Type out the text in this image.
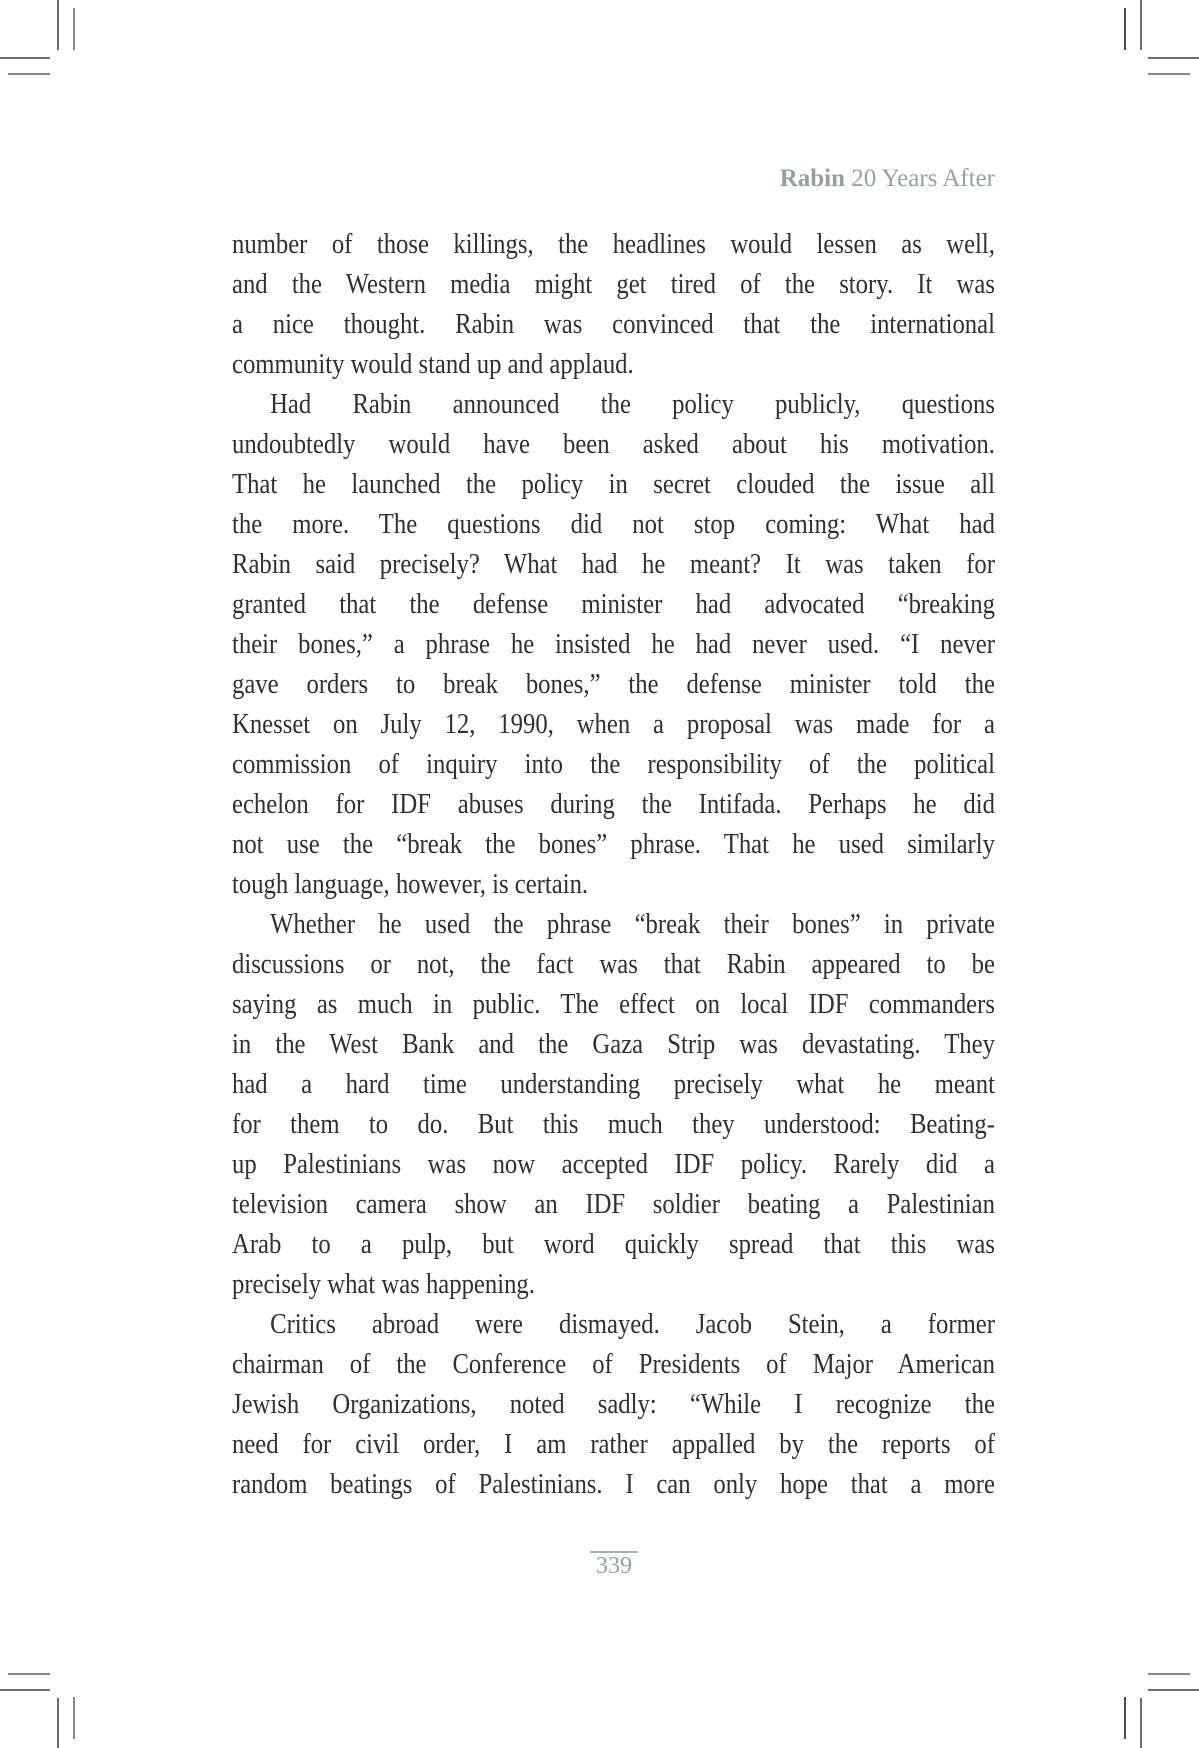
Rabin 20 Years After
number of those killings, the headlines would lessen as well,
and the Western media might get tired of the story. It was
a nice thought. Rabin was convinced that the international
community would stand up and applaud.
Had Rabin announced the policy publicly, questions
undoubtedly would have been asked about his motivation.
That he launched the policy in secret clouded the issue all
the more. The questions did not stop coming: What had
Rabin said precisely? What had he meant? It was taken for
granted that the defense minister had advocated “breaking
their bones,” a phrase he insisted he had never used. “I never
gave orders to break bones,” the defense minister told the
Knesset on July 12, 1990, when a proposal was made for a
commission of inquiry into the responsibility of the political
echelon for IDF abuses during the Intifada. Perhaps he did
not use the “break the bones” phrase. That he used similarly
tough language, however, is certain.
Whether he used the phrase “break their bones” in private
discussions or not, the fact was that Rabin appeared to be
saying as much in public. The effect on local IDF commanders
in the West Bank and the Gaza Strip was devastating. They
had a hard time understanding precisely what he meant
for them to do. But this much they understood: Beating-
up Palestinians was now accepted IDF policy. Rarely did a
television camera show an IDF soldier beating a Palestinian
Arab to a pulp, but word quickly spread that this was
precisely what was happening.
Critics abroad were dismayed. Jacob Stein, a former
chairman of the Conference of Presidents of Major American
Jewish Organizations, noted sadly: “While I recognize the
need for civil order, I am rather appalled by the reports of
random beatings of Palestinians. I can only hope that a more
339
